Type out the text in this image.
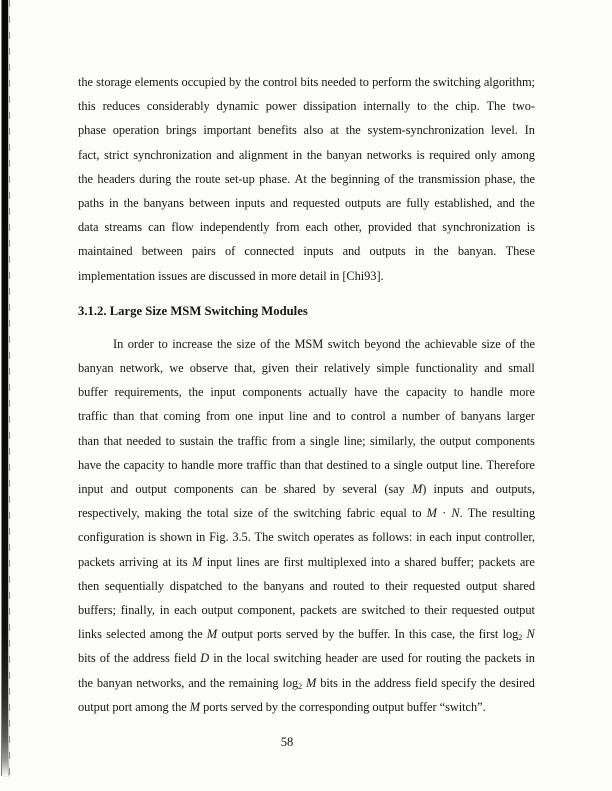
the storage elements occupied by the control bits needed to perform the switching algorithm;
this reduces considerably dynamic power dissipation internally to the chip. The two-
phase operation brings important benefits also at the system-synchronization level. In
fact, strict synchronization and alignment in the banyan networks is required only among
the headers during the route set-up phase. At the beginning of the transmission phase, the
paths in the banyans between inputs and requested outputs are fully established, and the
data streams can flow independently from each other, provided that synchronization is
maintained between pairs of connected inputs and outputs in the banyan. These
implementation issues are discussed in more detail in [Chi93].
3.1.2. Large Size MSM Switching Modules
In order to increase the size of the MSM switch beyond the achievable size of the
banyan network, we observe that, given their relatively simple functionality and small
buffer requirements, the input components actually have the capacity to handle more
traffic than that coming from one input line and to control a number of banyans larger
than that needed to sustain the traffic from a single line; similarly, the output components
have the capacity to handle more traffic than that destined to a single output line. Therefore
input and output components can be shared by several (say M) inputs and outputs,
respectively, making the total size of the switching fabric equal to M · N. The resulting
configuration is shown in Fig. 3.5. The switch operates as follows: in each input controller,
packets arriving at its M input lines are first multiplexed into a shared buffer; packets are
then sequentially dispatched to the banyans and routed to their requested output shared
buffers; finally, in each output component, packets are switched to their requested output
links selected among the M output ports served by the buffer. In this case, the first $\log_2 N$
bits of the address field D in the local switching header are used for routing the packets in
the banyan networks, and the remaining $\log_2 M$ bits in the address field specify the desired
output port among the M ports served by the corresponding output buffer “switch”.
58
